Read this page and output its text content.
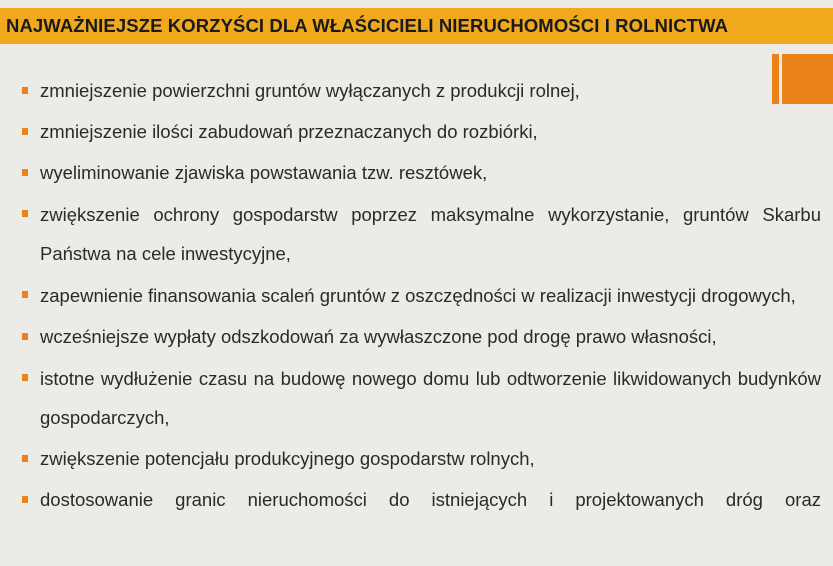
NAJWAŻNIEJSZE KORZYŚCI DLA WŁAŚCICIELI NIERUCHOMOŚCI I ROLNICTWA
zmniejszenie powierzchni gruntów wyłączanych z produkcji rolnej,
zmniejszenie ilości zabudowań przeznaczanych do rozbiórki,
wyeliminowanie zjawiska powstawania tzw. resztówek,
zwiększenie ochrony gospodarstw poprzez maksymalne wykorzystanie, gruntów Skarbu Państwa na cele inwestycyjne,
zapewnienie finansowania scaleń gruntów z oszczędności w realizacji inwestycji drogowych,
wcześniejsze wypłaty odszkodowań za wywłaszczone pod drogę prawo własności,
istotne wydłużenie czasu na budowę nowego domu lub odtworzenie likwidowanych budynków gospodarczych,
zwiększenie potencjału produkcyjnego gospodarstw rolnych,
dostosowanie granic nieruchomości do istniejących i projektowanych dróg oraz
